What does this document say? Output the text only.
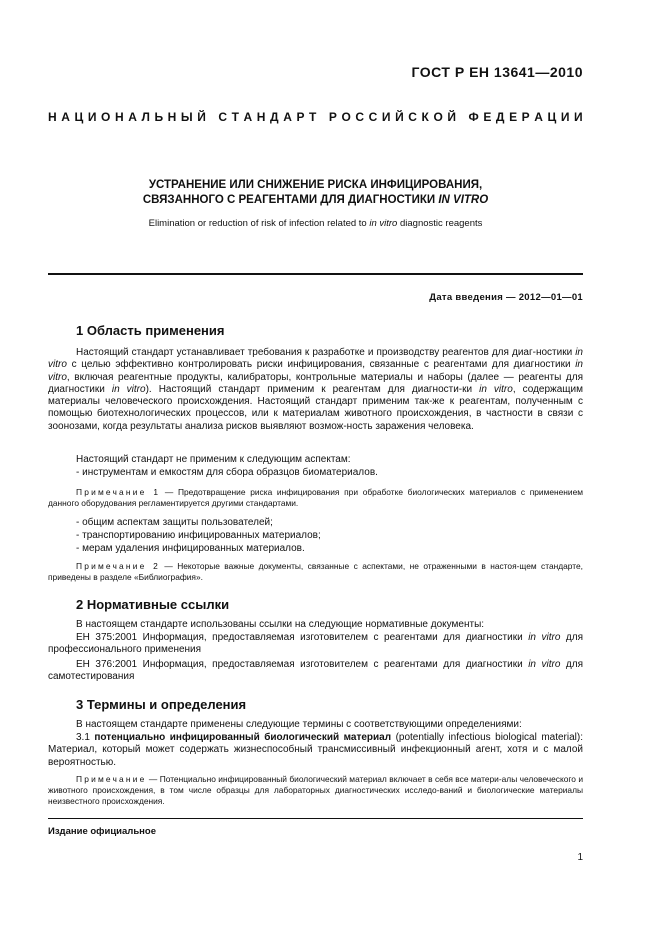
ГОСТ Р ЕН 13641—2010
Н А Ц И О Н А Л Ь Н Ы Й
С Т А Н Д А Р Т
Р О С С И Й С К О Й
Ф Е Д Е Р А Ц И И
УСТРАНЕНИЕ ИЛИ СНИЖЕНИЕ РИСКА ИНФИЦИРОВАНИЯ,
СВЯЗАННОГО С РЕАГЕНТАМИ ДЛЯ ДИАГНОСТИКИ IN VITRO
Elimination or reduction of risk of infection related to in vitro diagnostic reagents
Дата введения — 2012—01—01
1 Область применения

Настоящий стандарт устанавливает требования к разработке и производству реагентов для диаг-ностики in vitro с целью эффективно контролировать риски инфицирования, связанные с реагентами для диагностики in vitro, включая реагентные продукты, калибраторы, контрольные материалы и наборы (далее — реагенты для диагностики in vitro). Настоящий стандарт применим к реагентам для диагности-ки in vitro, содержащим материалы человеческого происхождения. Настоящий стандарт применим так-же к реагентам, полученным с помощью биотехнологических процессов, или к материалам животного происхождения, в частности в связи с зоонозами, когда результаты анализа рисков выявляют возмож-ность заражения человека.

Настоящий стандарт не применим к следующим аспектам:

- инструментам и емкостям для сбора образцов биоматериалов.

Примечание 1 — Предотвращение риска инфицирования при обработке биологических материалов с применением данного оборудования регламентируется другими стандартами.

- общим аспектам защиты пользователей;
- транспортированию инфицированных материалов;
- мерам удаления инфицированных материалов.

Примечание 2 — Некоторые важные документы, связанные с аспектами, не отраженными в настоя-щем стандарте, приведены в разделе «Библиография».

2 Нормативные ссылки

В настоящем стандарте использованы ссылки на следующие нормативные документы:

ЕН 375:2001 Информация, предоставляемая изготовителем с реагентами для диагностики in vitro для профессионального применения

ЕН 376:2001 Информация, предоставляемая изготовителем с реагентами для диагностики in vitro для самотестирования

3 Термины и определения

В настоящем стандарте применены следующие термины с соответствующими определениями:

3.1 потенциально инфицированный биологический материал (potentially infectious biological material): Материал, который может содержать жизнеспособный трансмиссивный инфекционный агент, хотя и с малой вероятностью.

Примечание — Потенциально инфицированный биологический материал включает в себя все матери-алы человеческого и животного происхождения, в том числе образцы для лабораторных диагностических исследо-ваний и биологические материалы неизвестного происхождения.

Издание официальное
1
